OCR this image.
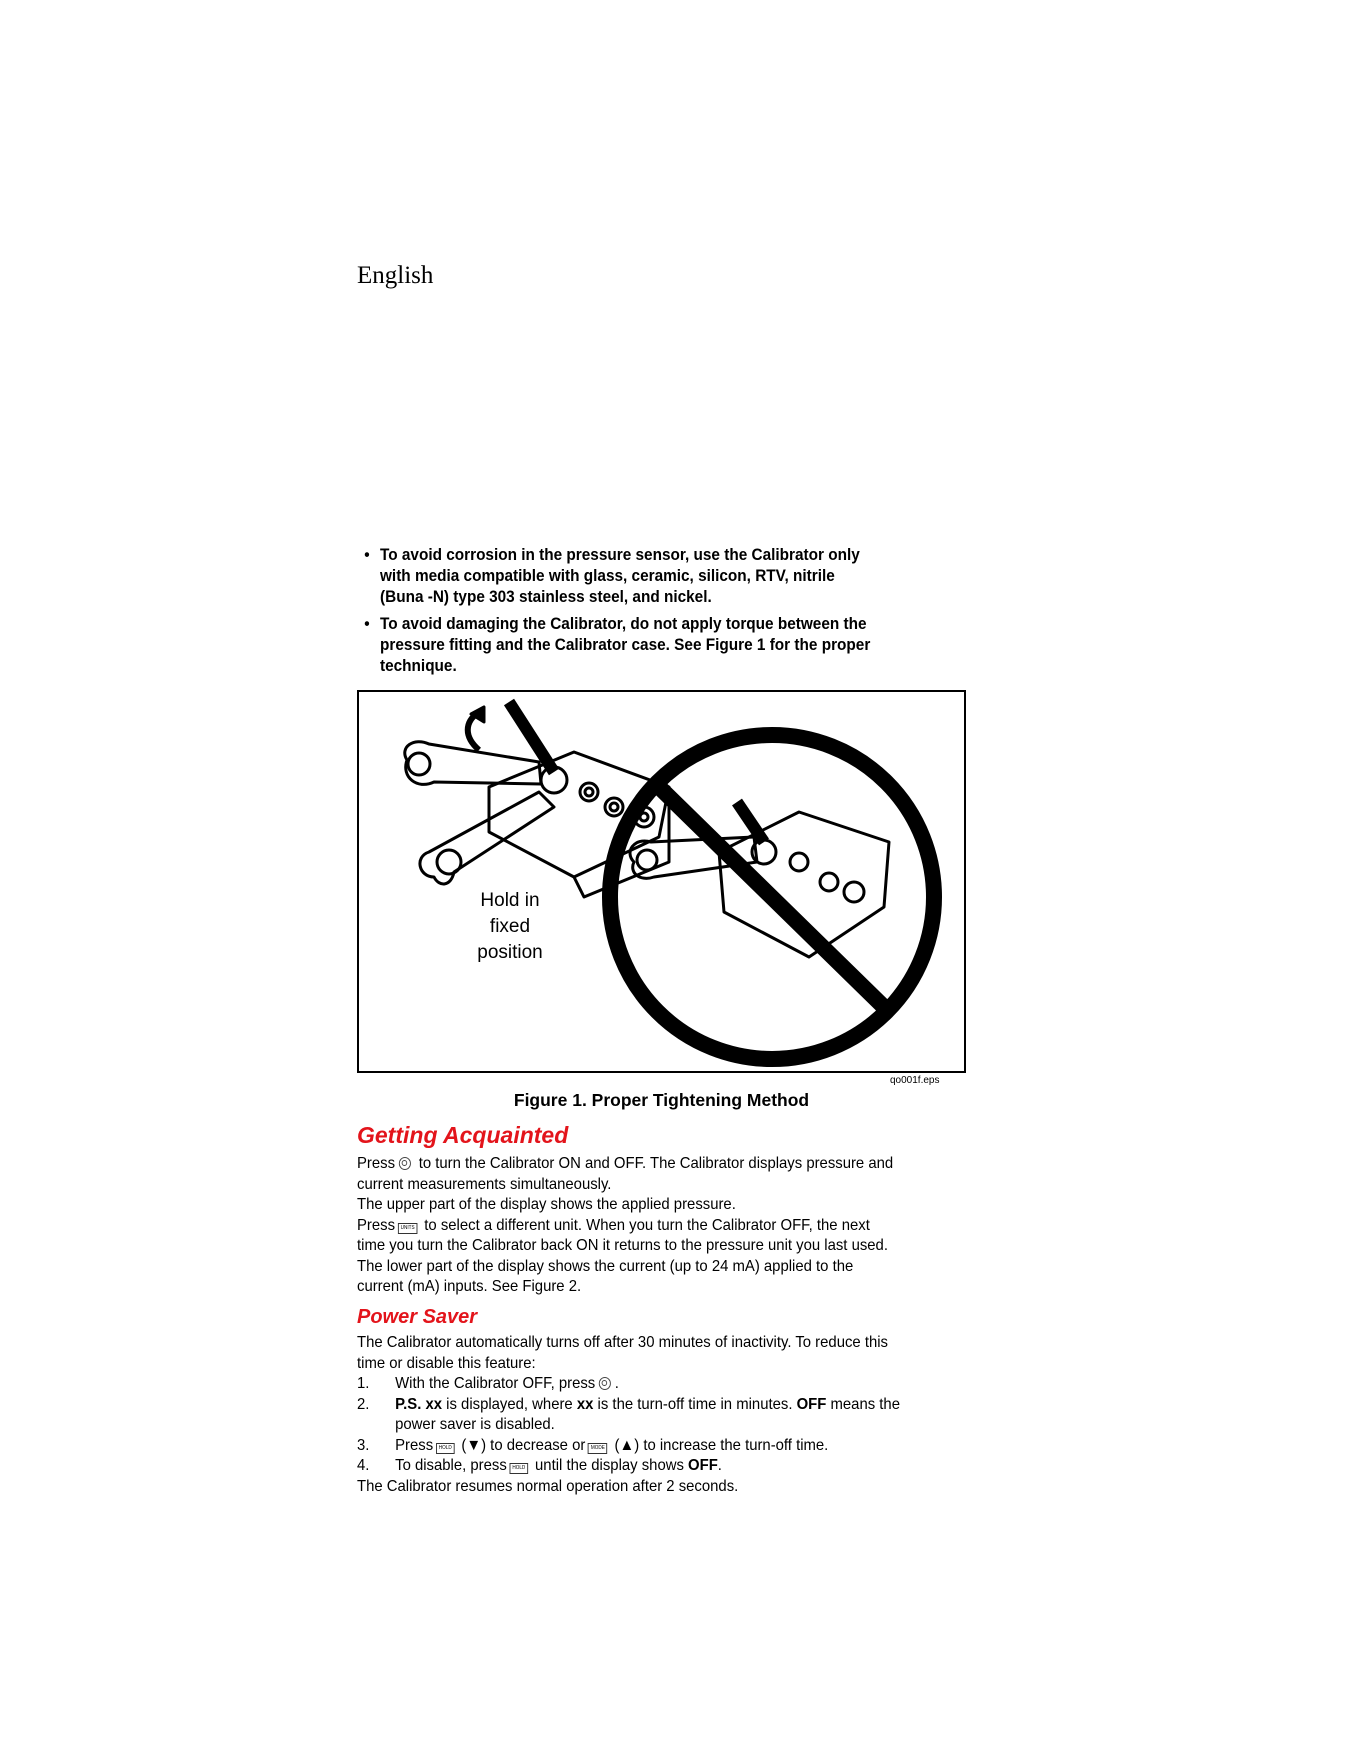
English
• To avoid corrosion in the pressure sensor, use the Calibrator only
with media compatible with glass, ceramic, silicon, RTV, nitrile
(Buna -N) type 303 stainless steel, and nickel.
• To avoid damaging the Calibrator, do not apply torque between the
pressure fitting and the Calibrator case. See Figure 1 for the proper
technique.
Hold in
fixed
position
qo001f.eps
Figure 1. Proper Tightening Method
Getting Acquainted
Press to turn the Calibrator ON and OFF. The Calibrator displays pressure and
current measurements simultaneously.
The upper part of the display shows the applied pressure.
Press UNITS to select a different unit. When you turn the Calibrator OFF, the next
time you turn the Calibrator back ON it returns to the pressure unit you last used.
The lower part of the display shows the current (up to 24 mA) applied to the
current (mA) inputs. See Figure 2.
Power Saver
The Calibrator automatically turns off after 30 minutes of inactivity. To reduce this
time or disable this feature:
1. With the Calibrator OFF, press .
2. P.S. xx is displayed, where xx is the turn-off time in minutes. OFF means the
power saver is disabled.
3. Press HOLD (▼) to decrease or MODE (▲) to increase the turn-off time.
4. To disable, press HOLD until the display shows OFF.
The Calibrator resumes normal operation after 2 seconds.
